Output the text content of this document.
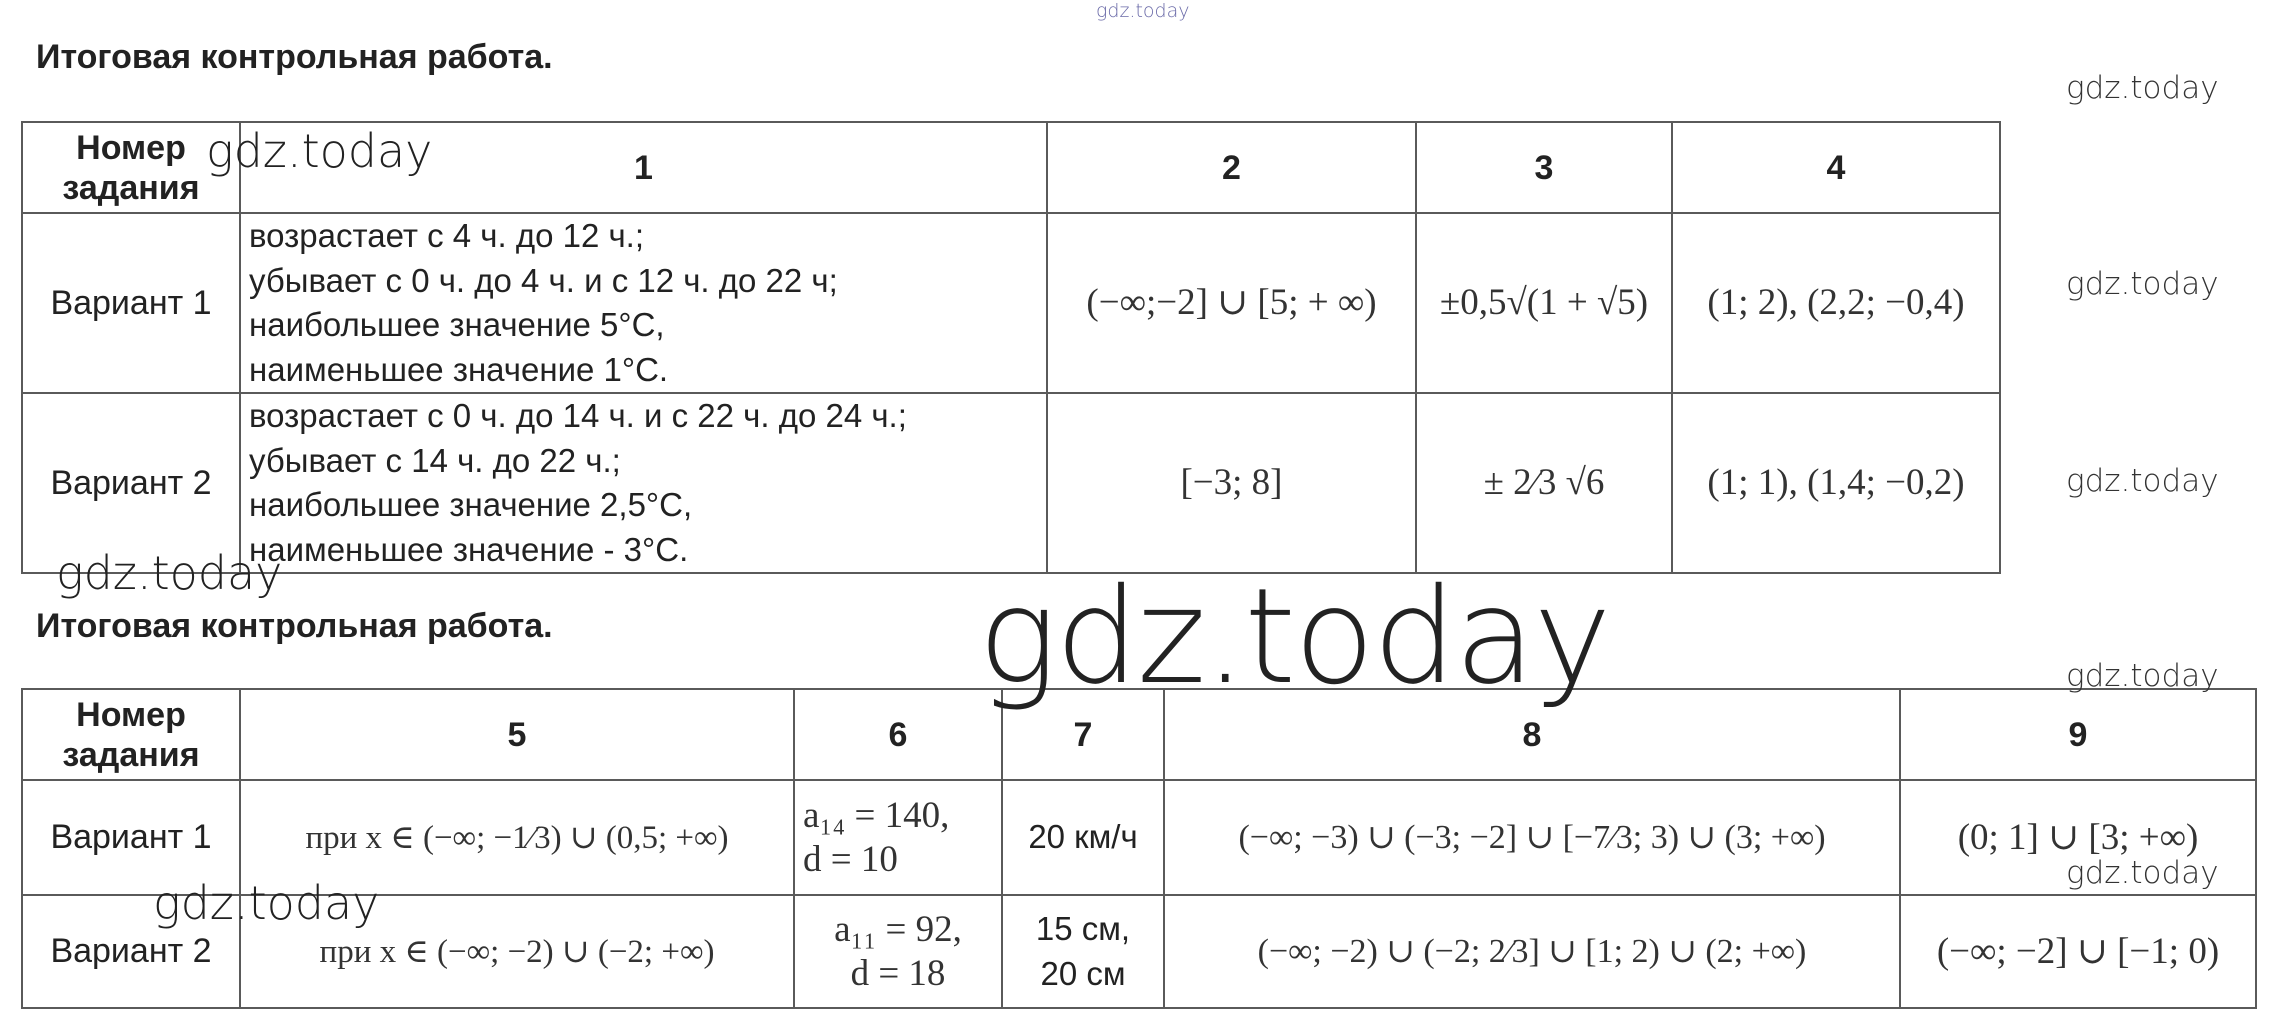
Итоговая контрольная работа.
Номер задания	1	2	3	4
Вариант 1	возрастает с 4 ч. до 12 ч.;
убывает с 0 ч. до 4 ч. и с 12 ч. до 22 ч;
наибольшее значение 5°C,
наименьшее значение 1°C.	(−∞;−2] ∪ [5; + ∞)	±0,5√(1 + √5)	(1; 2), (2,2; −0,4)

Вариант 2	возрастает с 0 ч. до 14 ч. и с 22 ч. до 24 ч.;
убывает с 14 ч. до 22 ч.;
наибольшее значение 2,5°C,
наименьшее значение - 3°C.	[−3; 8]	± 2⁄3 √6	(1; 1), (1,4; −0,2)
Итоговая контрольная работа.
Номер задания	5	6	7	8	9
Вариант 1	при x ∈ (−∞; −1⁄3) ∪ (0,5; +∞)	a₁₄ = 140,
d = 10	20 км/ч	(−∞; −3) ∪ (−3; −2] ∪ [−7⁄3; 3) ∪ (3; +∞)	(0; 1] ∪ [3; +∞)

Вариант 2	при x ∈ (−∞; −2) ∪ (−2; +∞)	a₁₁ = 92,
d = 18	15 см,
20 см	(−∞; −2) ∪ (−2; 2⁄3] ∪ [1; 2) ∪ (2; +∞)	(−∞; −2] ∪ [−1; 0)
gdz.today
gdz.today
gdz.today
gdz.today
gdz.today
gdz.today	gdz.today	gdz.today
gdz.today
gdz.today
